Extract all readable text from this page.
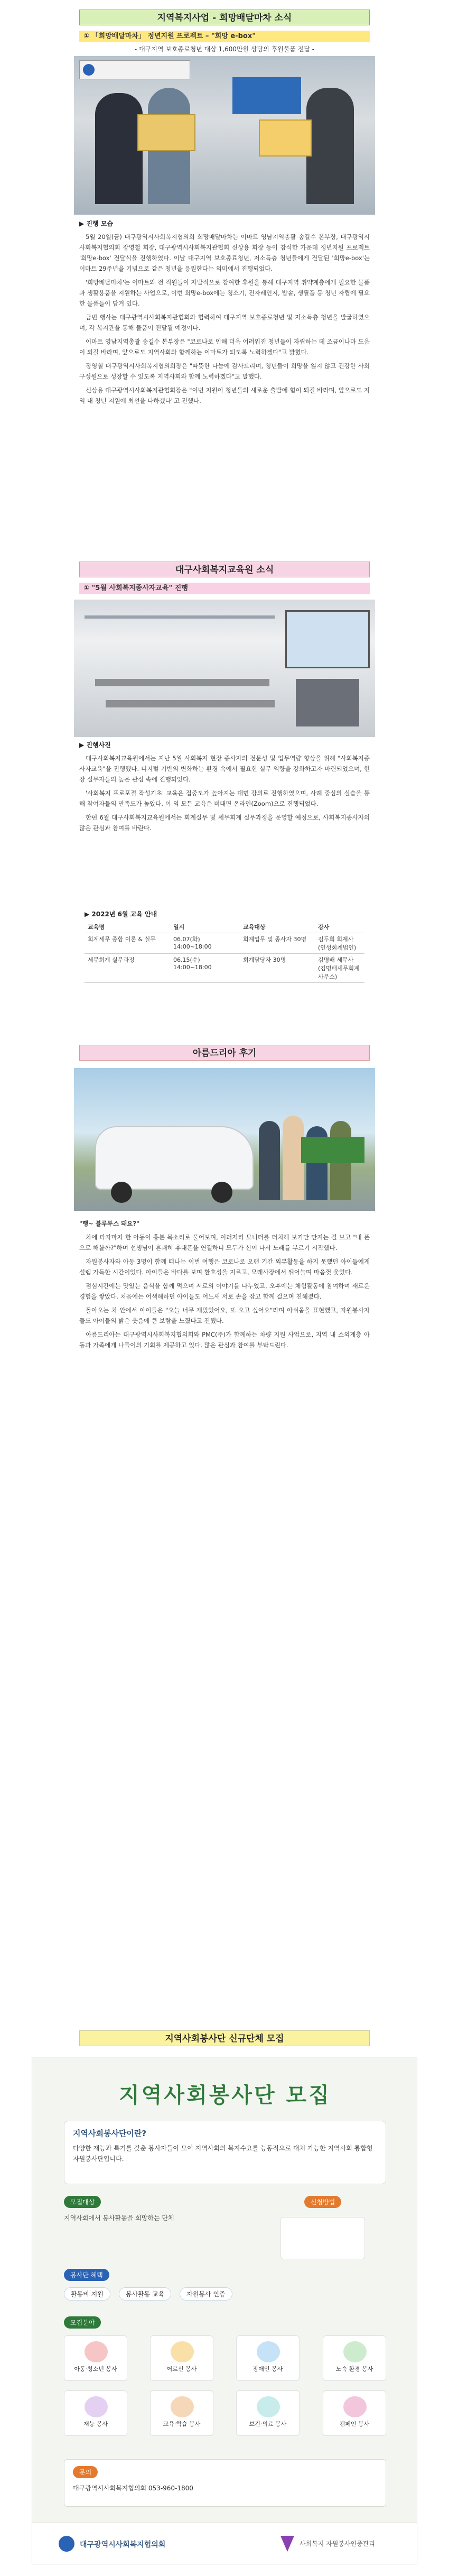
지역복지사업 - 희망배달마차 소식
① 「희망배달마차」 정년지원 프로젝트 – "희망 e-box"
- 대구지역 보호종료청년 대상 1,600만원 상당의 후원물품 전달 -
▶ 진행 모습

5월 20일(금) 대구광역시사회복지협의회 희망배달마차는 이마트 영남지역총괄 송길수 본부장, 대구광역시사회복지협의회 장영철 회장, 대구광역시사회복지관협회 신상용 회장 등이 참석한 가운데 정년지원 프로젝트 '희망e-box' 전달식을 진행하였다. 이날 대구지역 보호종료청년, 저소득층 청년들에게 전달된 '희망e-box'는 이마트 29주년을 기념으로 같은 청년을 응원한다는 의미에서 진행되었다.

'희망배달마차'는 이마트와 전 직원들이 자발적으로 참여한 후원을 통해 대구지역 취약계층에게 필요한 물품과 생활용품을 지원하는 사업으로, 이번 희망e-box에는 청소기, 전자레인지, 밥솥, 생필품 등 청년 자립에 필요한 물품들이 담겨 있다.

금번 행사는 대구광역시사회복지관협회와 협력하여 대구지역 보호종료청년 및 저소득층 청년을 발굴하였으며, 각 복지관을 통해 물품이 전달될 예정이다.

이마트 영남지역총괄 송길수 본부장은 "코로나로 인해 더욱 어려워진 청년들이 자립하는 데 조금이나마 도움이 되길 바라며, 앞으로도 지역사회와 함께하는 이마트가 되도록 노력하겠다"고 밝혔다.

장영철 대구광역시사회복지협의회장은 "따뜻한 나눔에 감사드리며, 청년들이 희망을 잃지 않고 건강한 사회 구성원으로 성장할 수 있도록 지역사회와 함께 노력하겠다"고 말했다.

신상용 대구광역시사회복지관협회장은 "이번 지원이 청년들의 새로운 출발에 힘이 되길 바라며, 앞으로도 지역 내 청년 지원에 최선을 다하겠다"고 전했다.

대구사회복지교육원 소식
① "5월 사회복지종사자교육" 진행
▶ 진행사진

대구사회복지교육원에서는 지난 5월 사회복지 현장 종사자의 전문성 및 업무역량 향상을 위해 "사회복지종사자교육"을 진행했다. 디지털 기반의 변화하는 환경 속에서 필요한 실무 역량을 강화하고자 마련되었으며, 현장 실무자들의 높은 관심 속에 진행되었다.

'사회복지 프로포절 작성기초' 교육은 집중도가 높아지는 대면 강의로 진행하였으며, 사례 중심의 실습을 통해 참여자들의 만족도가 높았다. 이 외 모든 교육은 비대면 온라인(Zoom)으로 진행되었다.

한편 6월 대구사회복지교육원에서는 회계실무 및 세무회계 실무과정을 운영할 예정으로, 사회복지종사자의 많은 관심과 참여를 바란다.

▶ 2022년 6월 교육 안내
교육명	일시	교육대상	강사
회계세무 종합 이론 & 실무	06.07(화) 14:00~18:00	회계업무 및 종사자 30명	김두희 회계사 (인성회계법인)
세무회계 실무과정	06.15(수) 14:00~18:00	회계담당자 30명	김명배 세무사 (김명배세무회계사무소)
아름드리아 후기

"행~ 블루투스 돼요?"

차에 타자마자 한 아동이 흥분 목소리로 물어보며, 이러저리 모니터를 터치해 보기만 만지는 걸 보고 "내 폰으로 해볼까?"하며 선생님이 흔쾌히 휴대폰을 연결하니 모두가 신이 나서 노래를 부르기 시작했다.

자원봉사자와 아동 3명이 함께 떠나는 이번 여행은 코로나로 오랜 기간 외부활동을 하지 못했던 아이들에게 설렘 가득한 시간이었다. 아이들은 바다를 보며 환호성을 지르고, 모래사장에서 뛰어놀며 마음껏 웃었다.

점심시간에는 맛있는 음식을 함께 먹으며 서로의 이야기를 나누었고, 오후에는 체험활동에 참여하며 새로운 경험을 쌓았다. 처음에는 어색해하던 아이들도 어느새 서로 손을 잡고 함께 걸으며 친해졌다.

돌아오는 차 안에서 아이들은 "오늘 너무 재밌었어요, 또 오고 싶어요"라며 아쉬움을 표현했고, 자원봉사자들도 아이들의 밝은 웃음에 큰 보람을 느꼈다고 전했다.

아름드리아는 대구광역시사회복지협의회와 PMC(주)가 함께하는 차량 지원 사업으로, 지역 내 소외계층 아동과 가족에게 나들이의 기회를 제공하고 있다. 많은 관심과 참여를 부탁드린다.

지역사회봉사단 신규단체 모집
지역사회봉사단 모집
지역사회봉사단이란?
다양한 재능과 특기를 갖춘 봉사자들이 모여 지역사회의 복지수요를 능동적으로 대처 가능한 지역사회 통합형 자원봉사단입니다.
모집대상
지역사회에서 봉사활동을 희망하는 단체
신청방법
봉사단 혜택
활동비 지원	봉사활동 교육	자원봉사 인증
모집분야
아동·청소년 봉사	어르신 봉사	장애인 봉사	노숙 환경 봉사
재능 봉사	교육·학습 봉사	보건·의료 봉사	캠페인 봉사
문의
대구광역시사회복지협의회 053-960-1800
대구광역시사회복지협의회	사회복지 자원봉사인증관리
